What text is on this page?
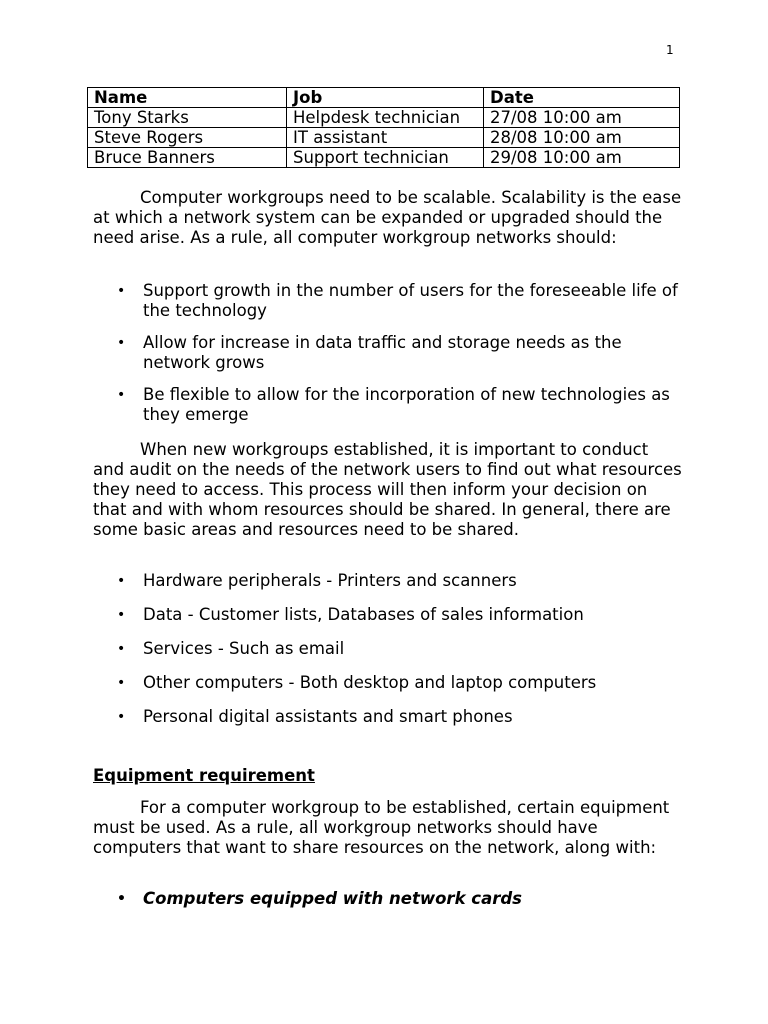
1
Name	Job	Date
Tony Starks	Helpdesk technician	27/08 10:00 am
Steve Rogers	IT assistant	28/08 10:00 am
Bruce Banners	Support technician	29/08 10:00 am

Computer workgroups need to be scalable. Scalability is the ease at which a network system can be expanded or upgraded should the need arise. As a rule, all computer workgroup networks should:

• Support growth in the number of users for the foreseeable life of the technology
• Allow for increase in data traffic and storage needs as the network grows
• Be flexible to allow for the incorporation of new technologies as they emerge

When new workgroups established, it is important to conduct and audit on the needs of the network users to find out what resources they need to access. This process will then inform your decision on that and with whom resources should be shared. In general, there are some basic areas and resources need to be shared.

• Hardware peripherals - Printers and scanners
• Data - Customer lists, Databases of sales information
• Services - Such as email
• Other computers - Both desktop and laptop computers
• Personal digital assistants and smart phones
Equipment requirement

For a computer workgroup to be established, certain equipment must be used. As a rule, all workgroup networks should have computers that want to share resources on the network, along with:

• Computers equipped with network cards
